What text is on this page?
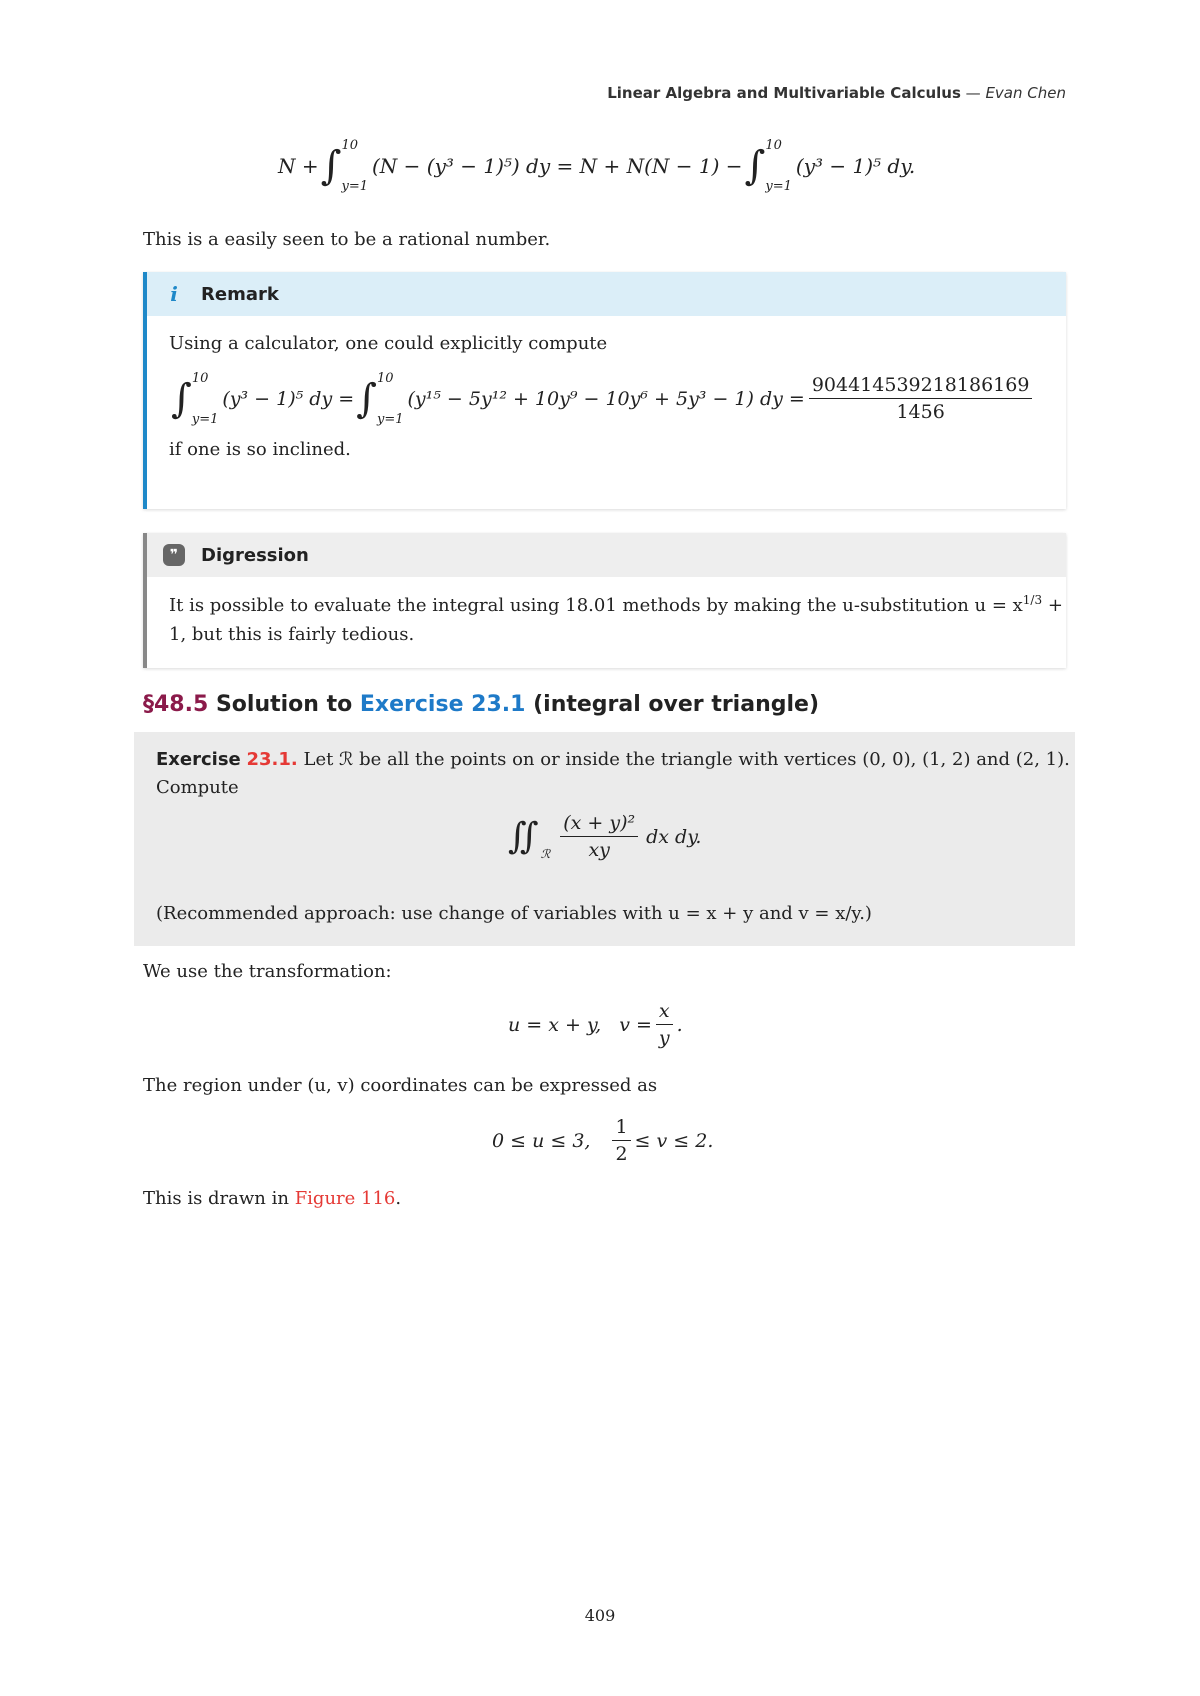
Linear Algebra and Multivariable Calculus — Evan Chen
N + ∫ 10
y=1
(N − (y³ − 1)⁵) dy = N + N(N − 1) − ∫ 10
y=1
(y³ − 1)⁵ dy.
This is a easily seen to be a rational number.
i	Remark
Using a calculator, one could explicitly compute
∫ 10
y=1
(y³ − 1)⁵ dy = ∫ 10
y=1
(y¹⁵ − 5y¹² + 10y⁹ − 10y⁶ + 5y³ − 1) dy = $\frac{904414539218186169}{1456}$
if one is so inclined.
❞	Digression
It is possible to evaluate the integral using 18.01 methods by making the u-substitution $u = x^{1/3}$ +
1, but this is fairly tedious.
§48.5 Solution to Exercise 23.1 (integral over triangle)
Exercise 23.1. Let ℛ be all the points on or inside the triangle with vertices (0, 0), (1, 2) and (2, 1).
Compute
∬ ℛ $\frac{\text{(x + y)²}}{xy}$ dx dy.
(Recommended approach: use change of variables with u = x + y and v = x/y.)
We use the transformation:
u = x + y, $v = \frac{x}{y}$ .
The region under (u, v) coordinates can be expressed as
0 ≤ u ≤ 3, $\frac{1}{2} \le v \le 2$.
This is drawn in Figure 116.
409
